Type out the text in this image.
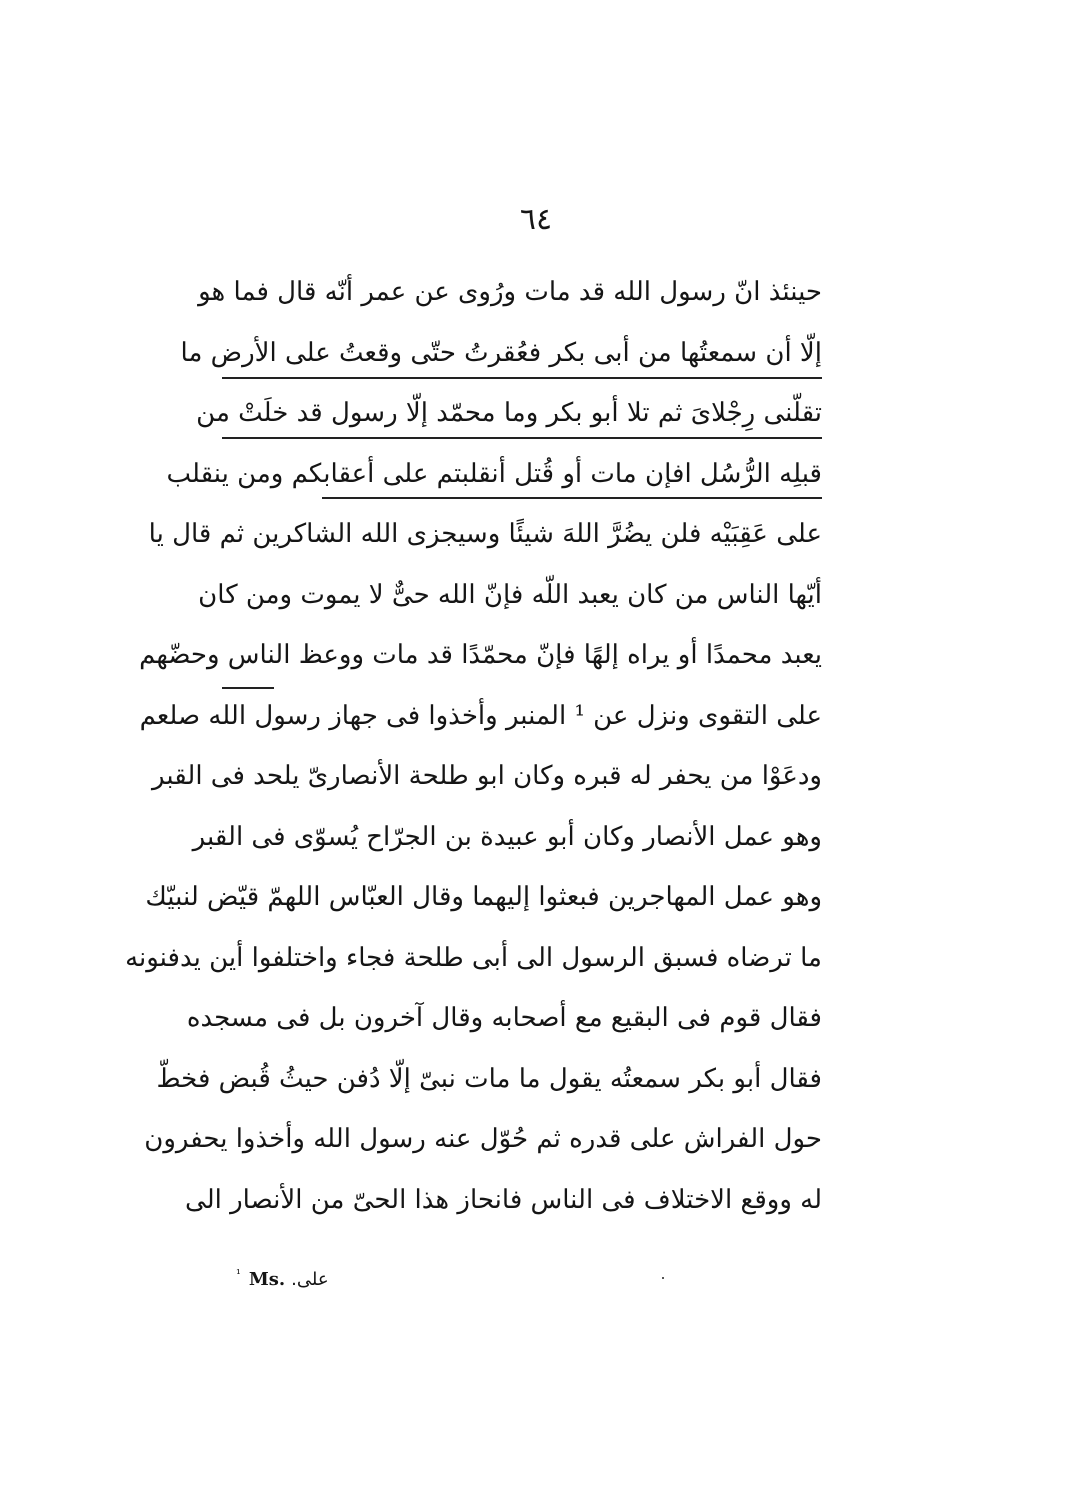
٦٤
حينئذ انّ رسول الله قد مات ورُوى عن عمر أنّه قال فما هو
إلّا أن سمعتُها من أبى بكر فعُقرتُ حتّى وقعتُ على الأرض ما
تقلّنى رِجْلاىَ ثم تلا أبو بكر وما محمّد إلّا رسول قد خلَتْ من
قبلِه الرُّسُل افإن مات أو قُتل أنقلبتم على أعقابكم ومن ينقلب
على عَقِبَيْه فلن يضُرَّ اللهَ شيئًا وسيجزى الله الشاكرين ثم قال يا
أيّها الناس من كان يعبد اللّه فإنّ الله حىٌّ لا يموت ومن كان
يعبد محمدًا أو يراه إلهًا فإنّ محمّدًا قد مات ووعظ الناس وحضّهم
على التقوى ونزل عن ¹ المنبر وأخذوا فى جهاز رسول الله صلعم
ودعَوْا من يحفر له قبره وكان ابو طلحة الأنصارىّ يلحد فى القبر
وهو عمل الأنصار وكان أبو عبيدة بن الجرّاح يُسوّى فى القبر
وهو عمل المهاجرين فبعثوا إليهما وقال العبّاس اللهمّ قيّض لنبيّك
ما ترضاه فسبق الرسول الى أبى طلحة فجاء واختلفوا أين يدفنونه
فقال قوم فى البقيع مع أصحابه وقال آخرون بل فى مسجده
فقال أبو بكر سمعتُه يقول ما مات نبىّ إلّا دُفن حيثُ قُبض فخطّ
حول الفراش على قدره ثم حُوّل عنه رسول الله وأخذوا يحفرون
له ووقع الاختلاف فى الناس فانحاز هذا الحىّ من الأنصار الى
$^{^1}$ Ms. على.
